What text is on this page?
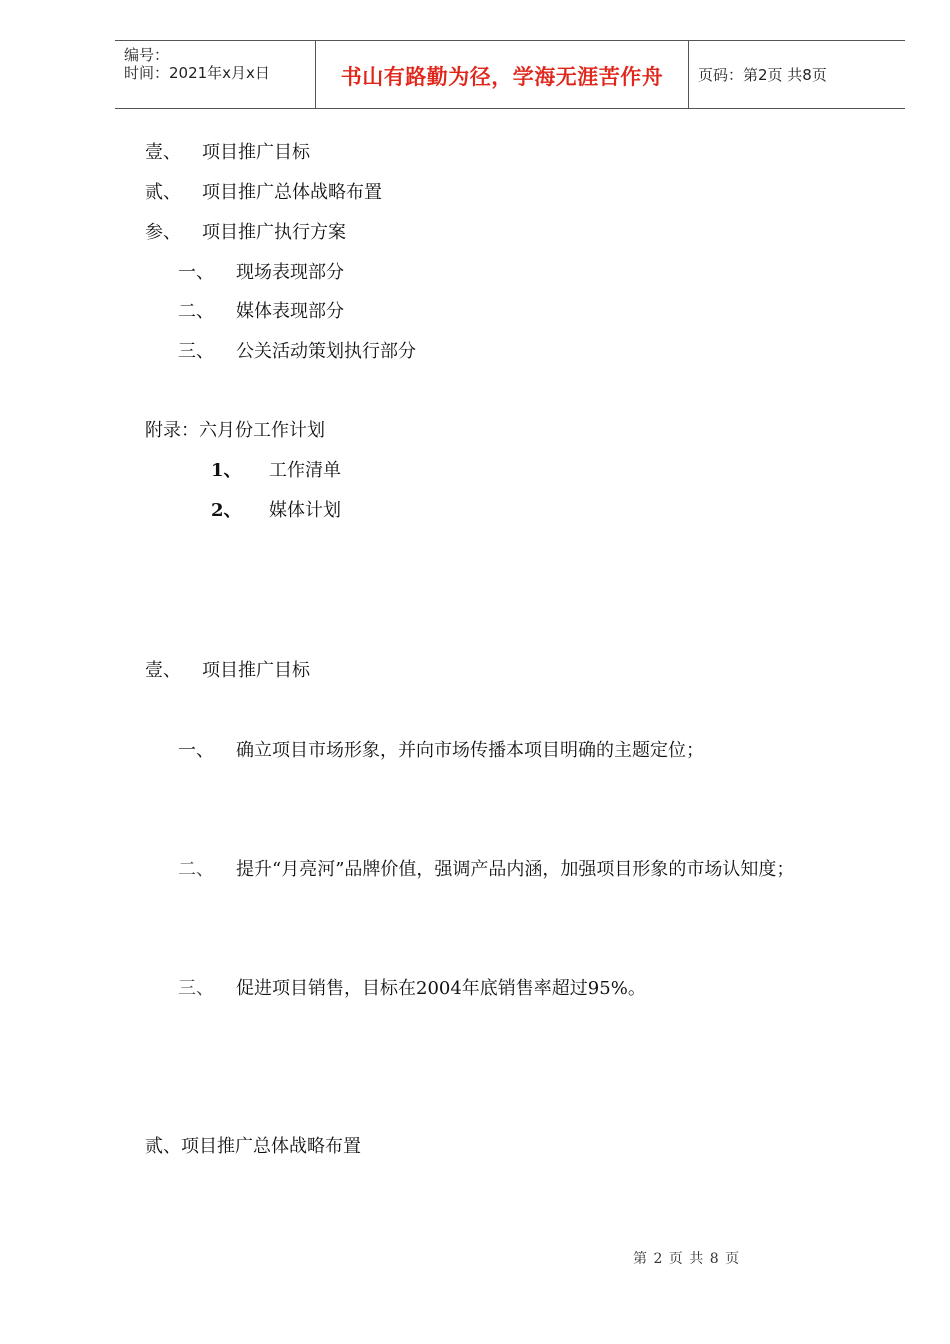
编号：
时间：2021年x月x日	书山有路勤为径，学海无涯苦作舟 页码：第2页 共8页
壹、 项目推广目标
贰、 项目推广总体战略布置
参、 项目推广执行方案
一、 现场表现部分
二、 媒体表现部分
三、 公关活动策划执行部分
附录：六月份工作计划
1、 工作清单
2、 媒体计划
壹、 项目推广目标
一、 确立项目市场形象，并向市场传播本项目明确的主题定位；
二、 提升“月亮河”品牌价值，强调产品内涵，加强项目形象的市场认知度；
三、 促进项目销售，目标在2004年底销售率超过95%。
贰、项目推广总体战略布置
第 2 页 共 8 页
